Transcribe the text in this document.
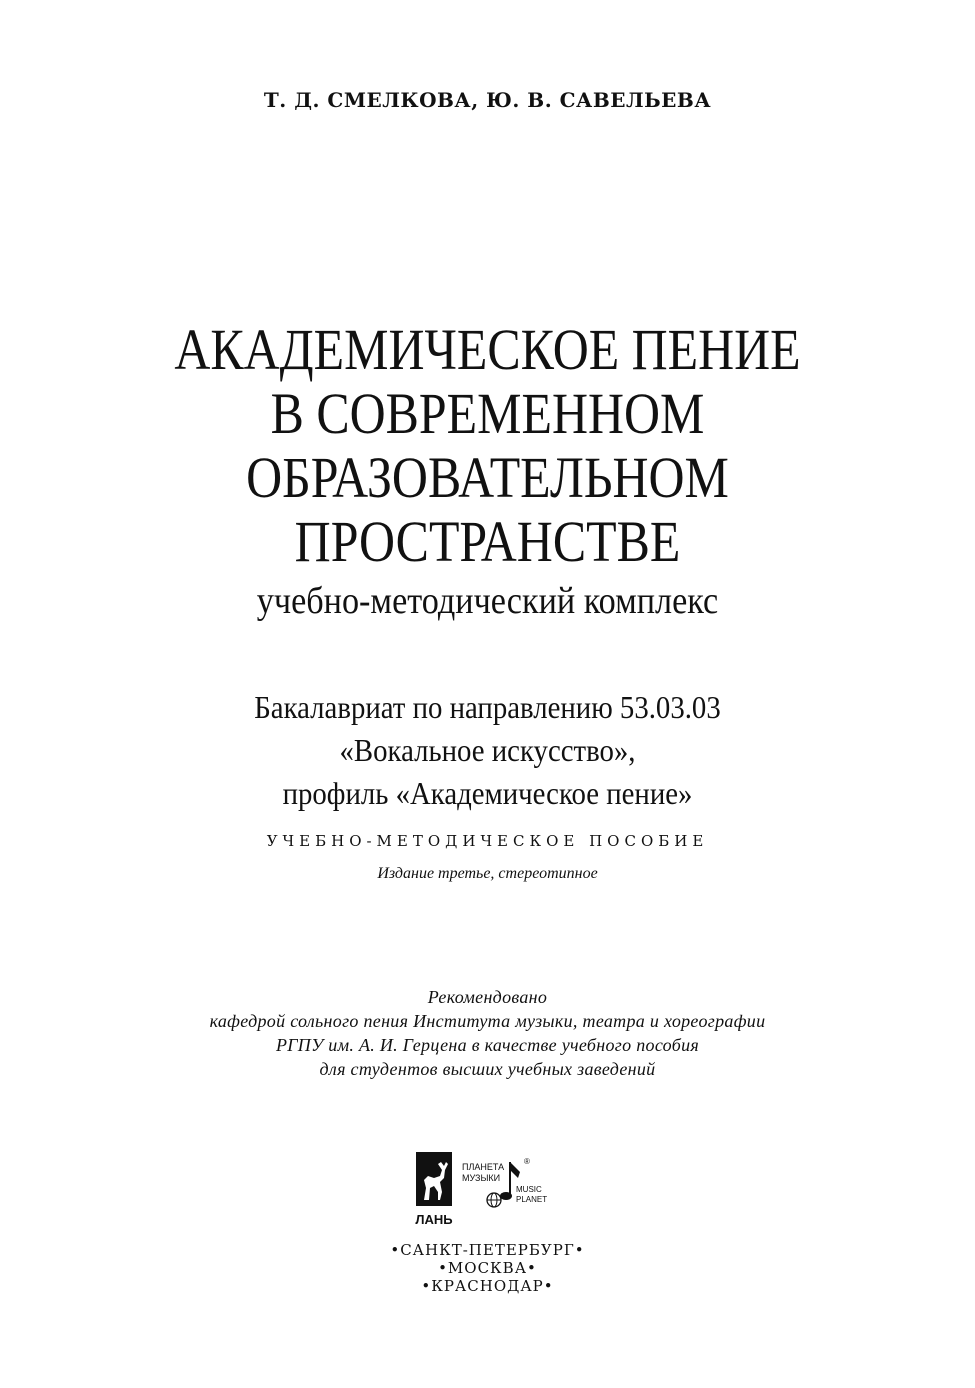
Т. Д. СМЕЛКОВА, Ю. В. САВЕЛЬЕВА
АКАДЕМИЧЕСКОЕ ПЕНИЕ
В СОВРЕМЕННОМ
ОБРАЗОВАТЕЛЬНОМ
ПРОСТРАНСТВЕ
учебно-методический комплекс
Бакалавриат по направлению 53.03.03
«Вокальное искусство»,
профиль «Академическое пение»
УЧЕБНО-МЕТОДИЧЕСКОЕ ПОСОБИЕ
Издание третье, стереотипное
Рекомендовано
кафедрой сольного пения Института музыки, театра и хореографии
РГПУ им. А. И. Герцена в качестве учебного пособия
для студентов высших учебных заведений
ЛАНЬ
ПЛАНЕТА
МУЗЫКИ
®
MUSIC
PLANET
•САНКТ-ПЕТЕРБУРГ•
•МОСКВА•
•КРАСНОДАР•
